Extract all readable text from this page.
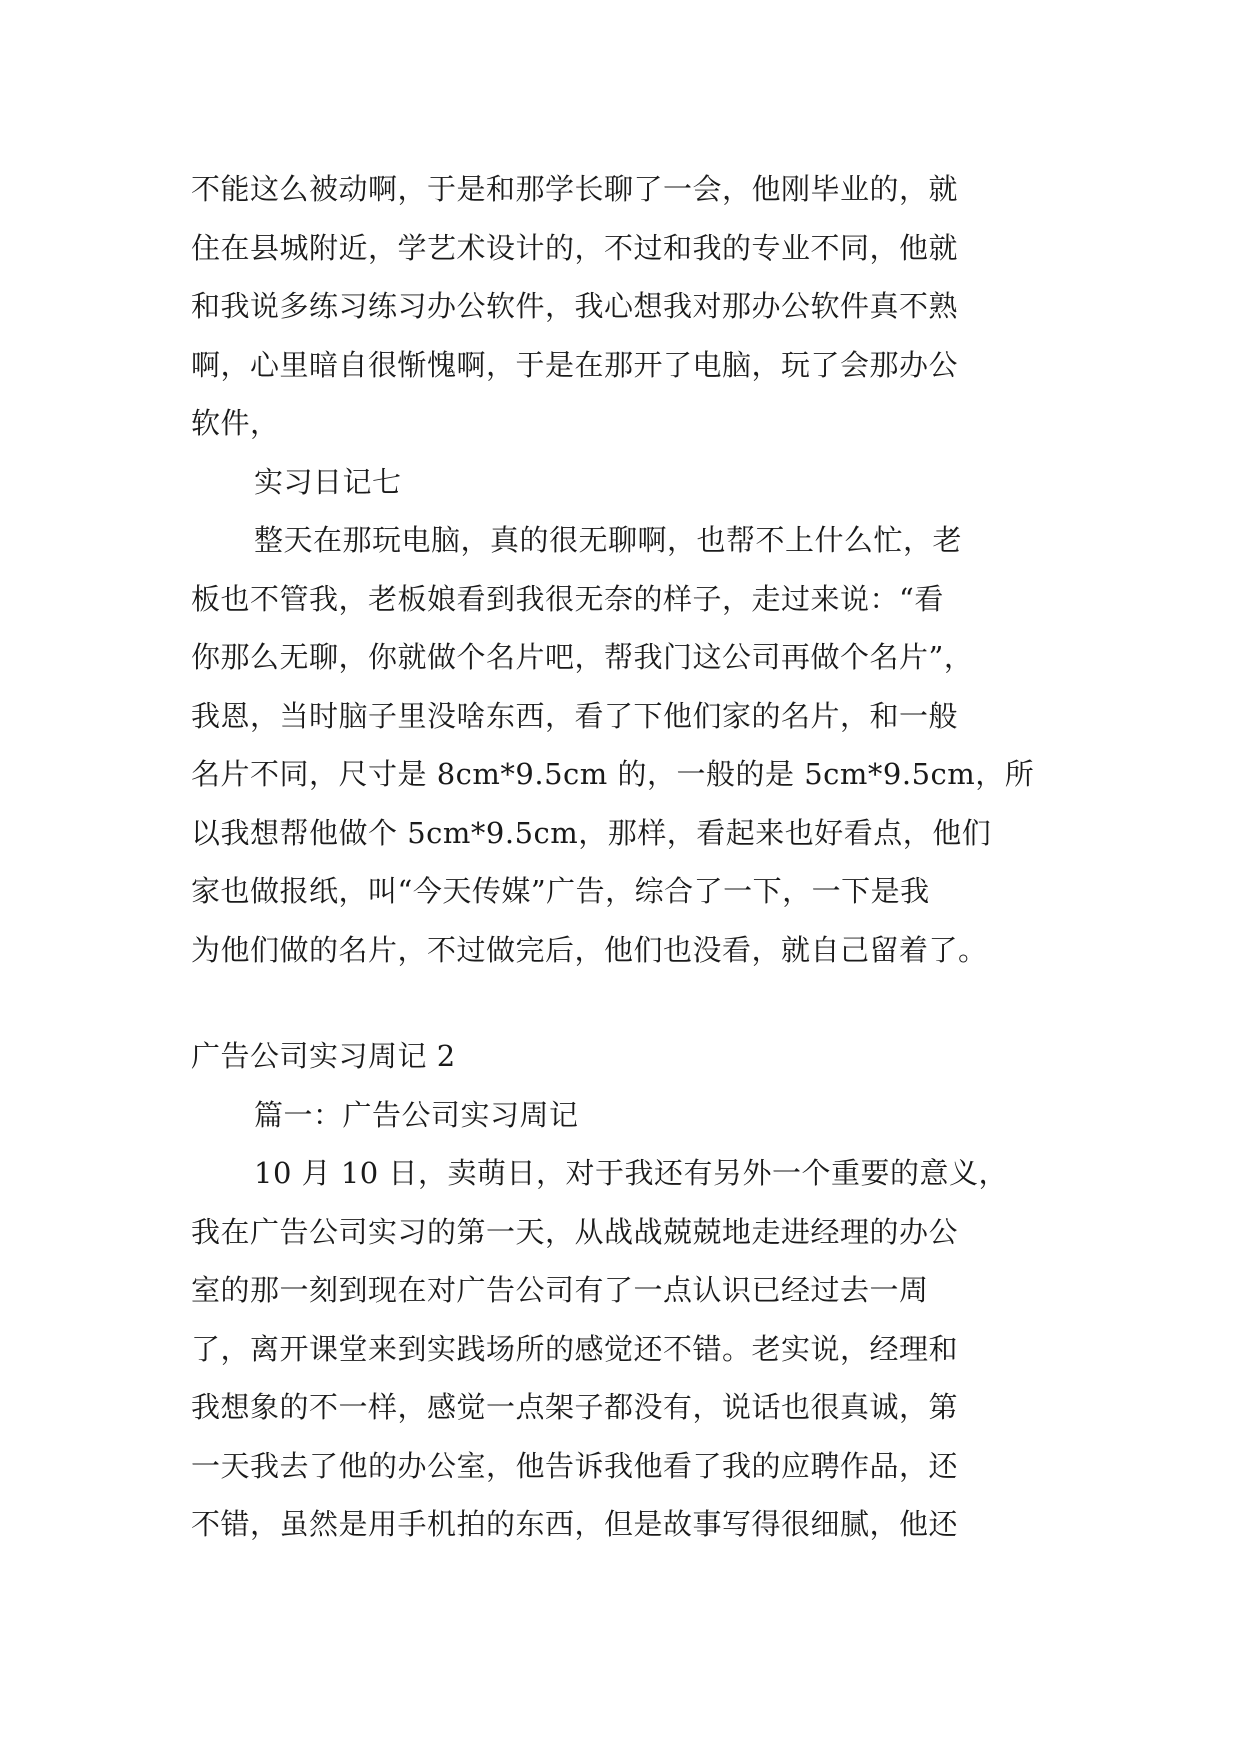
不能这么被动啊，于是和那学长聊了一会，他刚毕业的，就
住在县城附近，学艺术设计的，不过和我的专业不同，他就
和我说多练习练习办公软件，我心想我对那办公软件真不熟
啊，心里暗自很惭愧啊，于是在那开了电脑，玩了会那办公
软件，
实习日记七
整天在那玩电脑，真的很无聊啊，也帮不上什么忙，老
板也不管我，老板娘看到我很无奈的样子，走过来说：“看
你那么无聊，你就做个名片吧，帮我门这公司再做个名片”，
我恩，当时脑子里没啥东西，看了下他们家的名片，和一般
名片不同，尺寸是 8cm*9.5cm 的，一般的是 5cm*9.5cm，所
以我想帮他做个 5cm*9.5cm，那样，看起来也好看点，他们
家也做报纸，叫“今天传媒”广告，综合了一下，一下是我
为他们做的名片，不过做完后，他们也没看，就自己留着了。
广告公司实习周记 2
篇一：广告公司实习周记
10 月 10 日，卖萌日，对于我还有另外一个重要的意义，
我在广告公司实习的第一天，从战战兢兢地走进经理的办公
室的那一刻到现在对广告公司有了一点认识已经过去一周
了，离开课堂来到实践场所的感觉还不错。老实说，经理和
我想象的不一样，感觉一点架子都没有，说话也很真诚，第
一天我去了他的办公室，他告诉我他看了我的应聘作品，还
不错，虽然是用手机拍的东西，但是故事写得很细腻，他还
